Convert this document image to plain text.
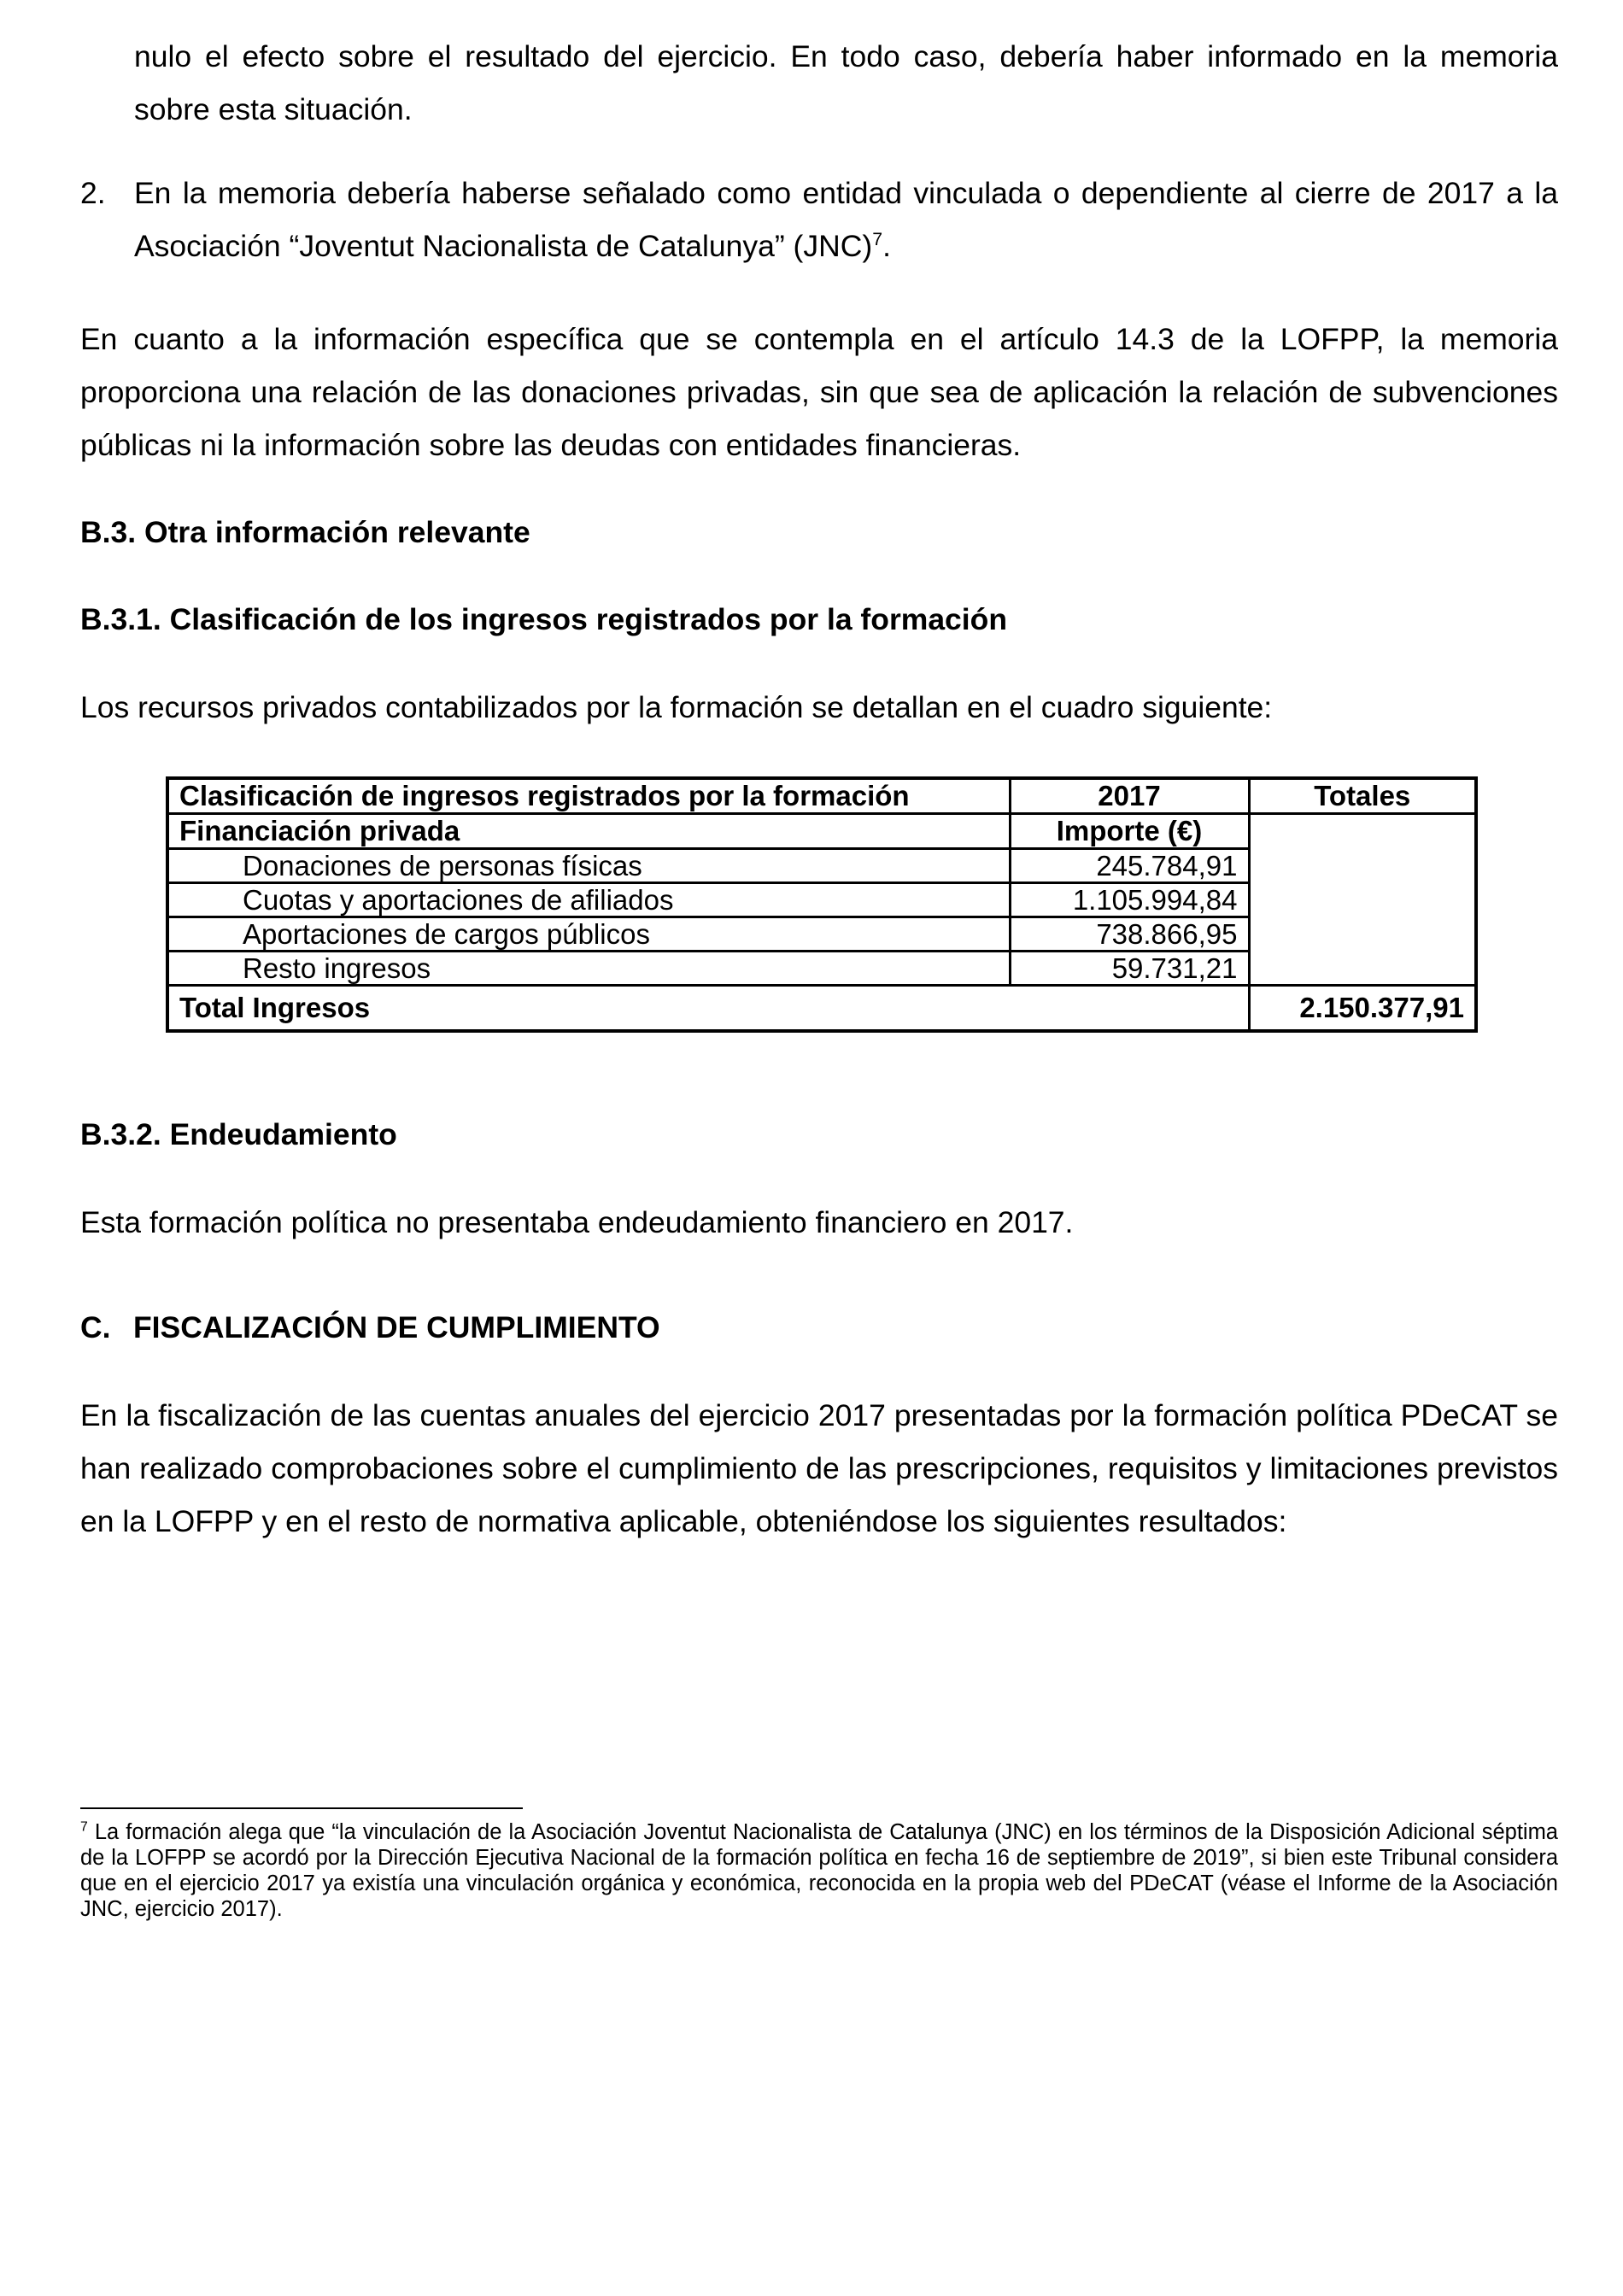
nulo el efecto sobre el resultado del ejercicio. En todo caso, debería haber informado en la memoria sobre esta situación.

2. En la memoria debería haberse señalado como entidad vinculada o dependiente al cierre de 2017 a la Asociación “Joventut Nacionalista de Catalunya” (JNC)$^7$.

En cuanto a la información específica que se contempla en el artículo 14.3 de la LOFPP, la memoria proporciona una relación de las donaciones privadas, sin que sea de aplicación la relación de subvenciones públicas ni la información sobre las deudas con entidades financieras.

B.3. Otra información relevante
B.3.1. Clasificación de los ingresos registrados por la formación

Los recursos privados contabilizados por la formación se detallan en el cuadro siguiente:

Clasificación de ingresos registrados por la formación	2017	Totales
Financiación privada	Importe (€)	
Donaciones de personas físicas	245.784,91	
Cuotas y aportaciones de afiliados	1.105.994,84	
Aportaciones de cargos públicos	738.866,95	
Resto ingresos	59.731,21	
Total Ingresos		2.150.377,91
B.3.2. Endeudamiento

Esta formación política no presentaba endeudamiento financiero en 2017.

C. FISCALIZACIÓN DE CUMPLIMIENTO

En la fiscalización de las cuentas anuales del ejercicio 2017 presentadas por la formación política PDeCAT se han realizado comprobaciones sobre el cumplimiento de las prescripciones, requisitos y limitaciones previstos en la LOFPP y en el resto de normativa aplicable, obteniéndose los siguientes resultados:

$^7$ La formación alega que “la vinculación de la Asociación Joventut Nacionalista de Catalunya (JNC) en los términos de la Disposición Adicional séptima de la LOFPP se acordó por la Dirección Ejecutiva Nacional de la formación política en fecha 16 de septiembre de 2019”, si bien este Tribunal considera que en el ejercicio 2017 ya existía una vinculación orgánica y económica, reconocida en la propia web del PDeCAT (véase el Informe de la Asociación JNC, ejercicio 2017).
